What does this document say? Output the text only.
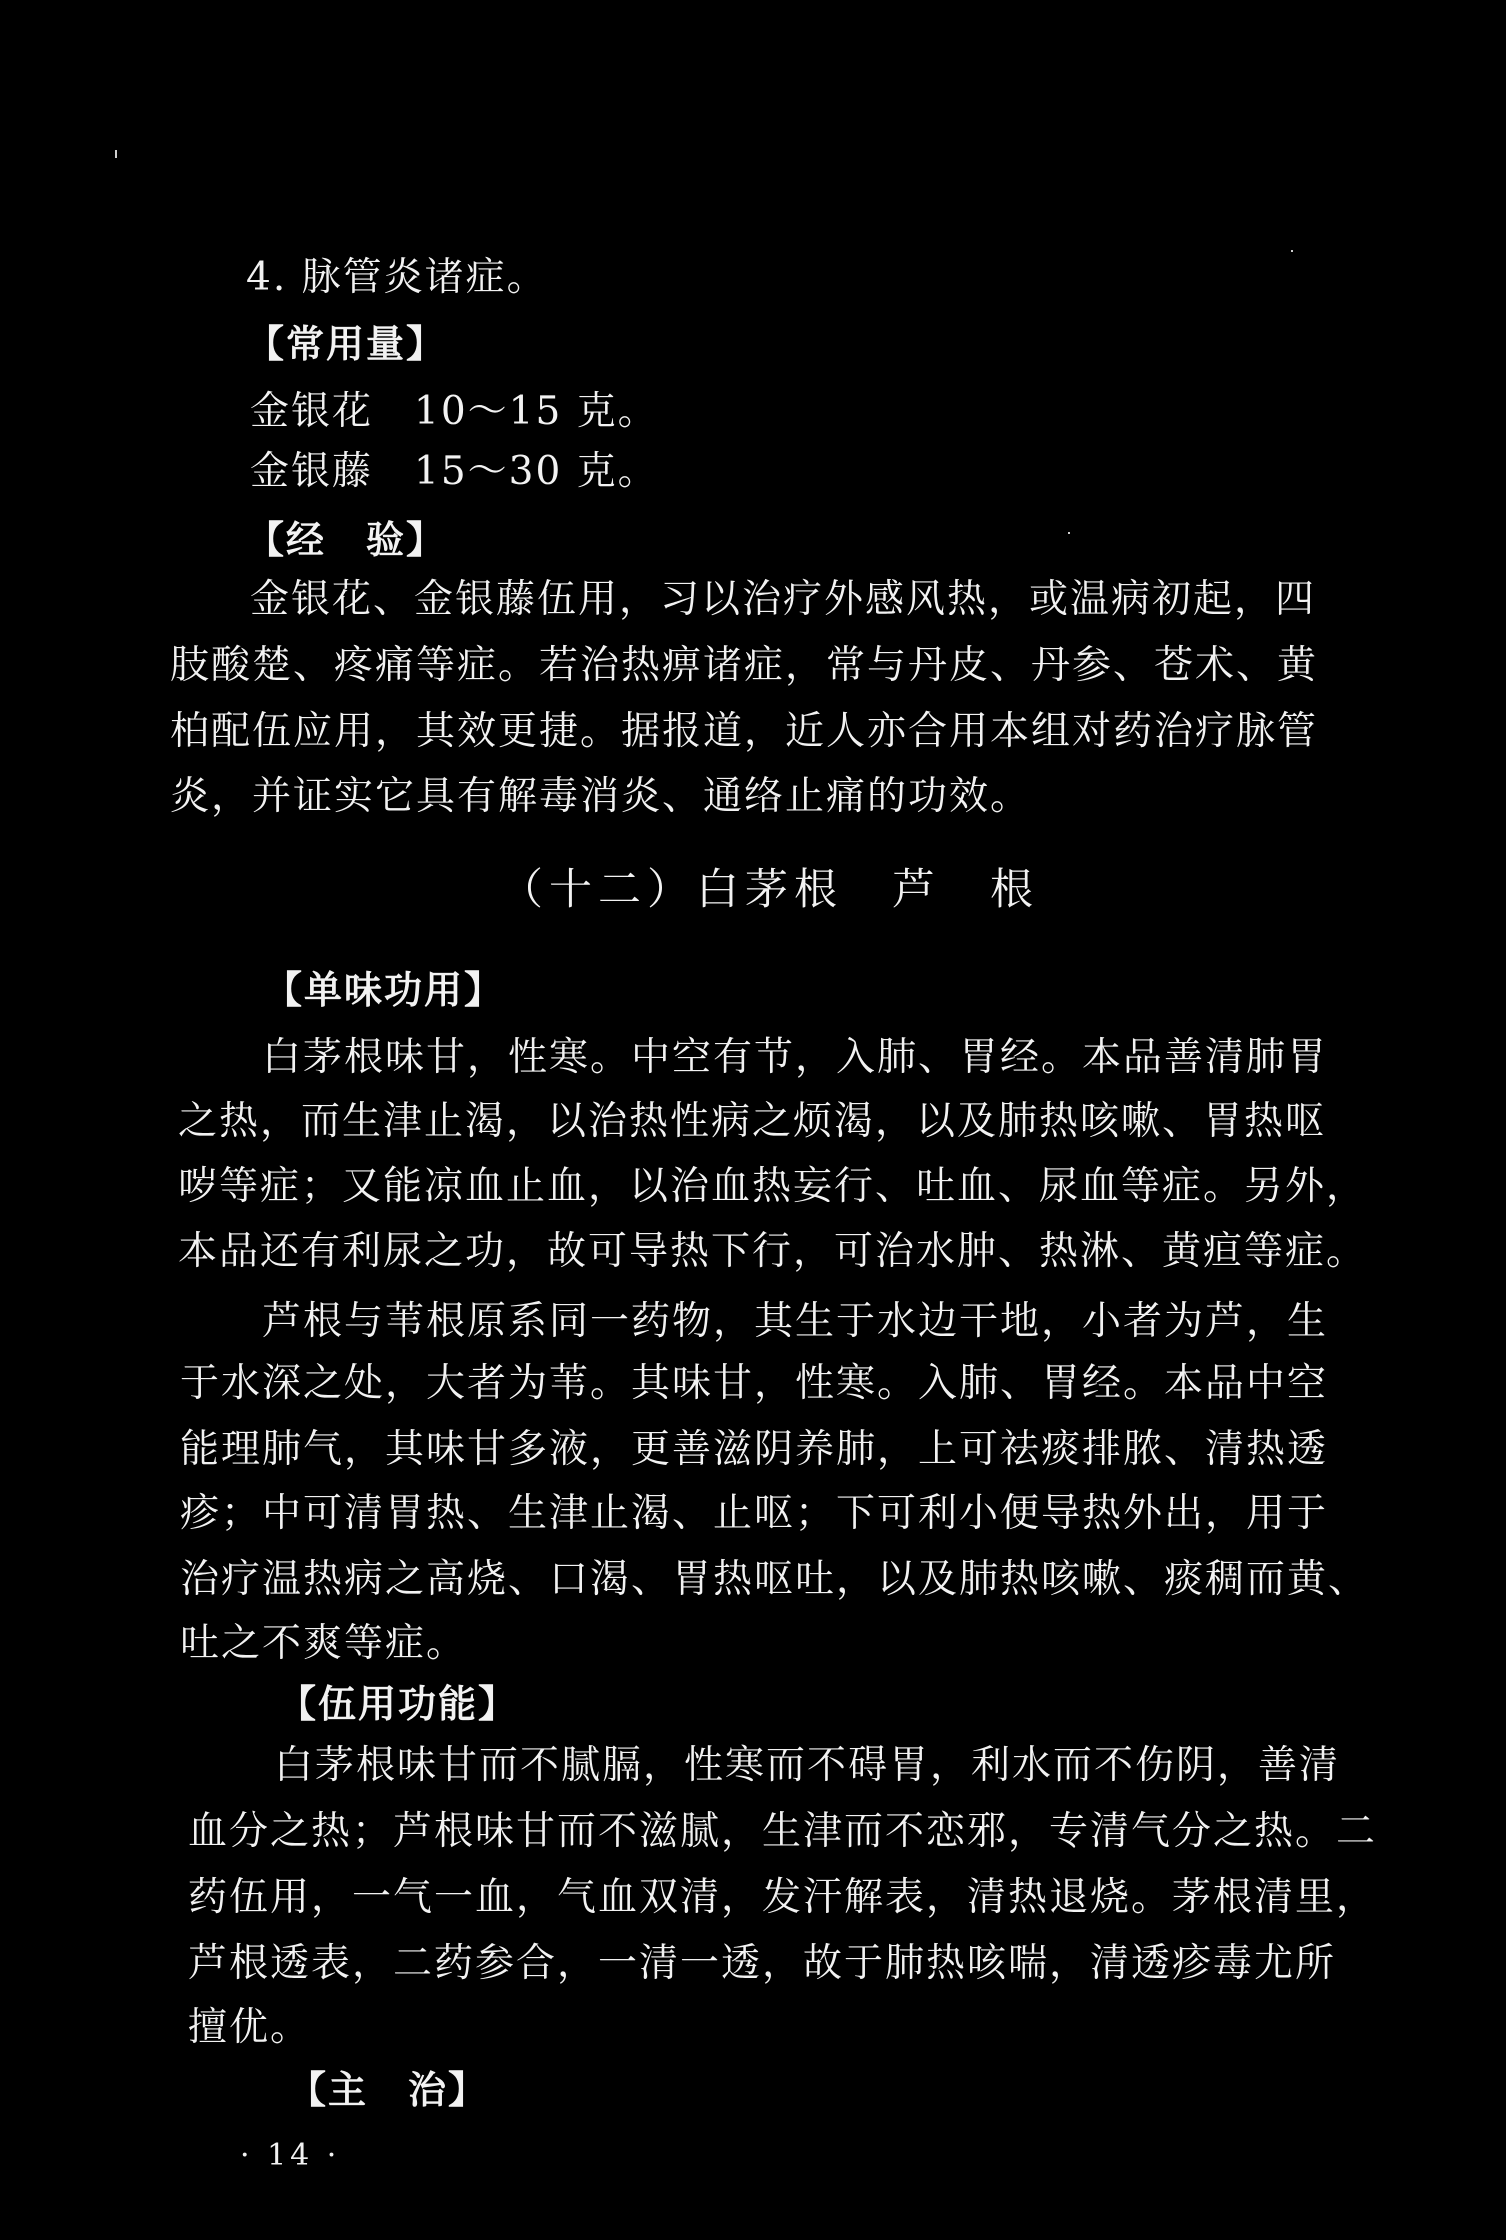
4. 脉管炎诸症。

【常用量】

金银花　10～15 克。

金银藤　15～30 克。

【经　验】

金银花、金银藤伍用，习以治疗外感风热，或温病初起，四

肢酸楚、疼痛等症。若治热痹诸症，常与丹皮、丹参、苍术、黄

柏配伍应用，其效更捷。据报道，近人亦合用本组对药治疗脉管

炎，并证实它具有解毒消炎、通络止痛的功效。

（十二）白茅根　芦　根

【单味功用】

白茅根味甘，性寒。中空有节，入肺、胃经。本品善清肺胃

之热，而生津止渴，以治热性病之烦渴，以及肺热咳嗽、胃热呕

哕等症；又能凉血止血，以治血热妄行、吐血、尿血等症。另外，

本品还有利尿之功，故可导热下行，可治水肿、热淋、黄疸等症。

芦根与苇根原系同一药物，其生于水边干地，小者为芦，生

于水深之处，大者为苇。其味甘，性寒。入肺、胃经。本品中空

能理肺气，其味甘多液，更善滋阴养肺，上可祛痰排脓、清热透

疹；中可清胃热、生津止渴、止呕；下可利小便导热外出，用于

治疗温热病之高烧、口渴、胃热呕吐，以及肺热咳嗽、痰稠而黄、

吐之不爽等症。

【伍用功能】

白茅根味甘而不腻膈，性寒而不碍胃，利水而不伤阴，善清

血分之热；芦根味甘而不滋腻，生津而不恋邪，专清气分之热。二

药伍用，一气一血，气血双清，发汗解表，清热退烧。茅根清里，

芦根透表，二药参合，一清一透，故于肺热咳喘，清透疹毒尤所

擅优。

【主　治】

· 14 ·
